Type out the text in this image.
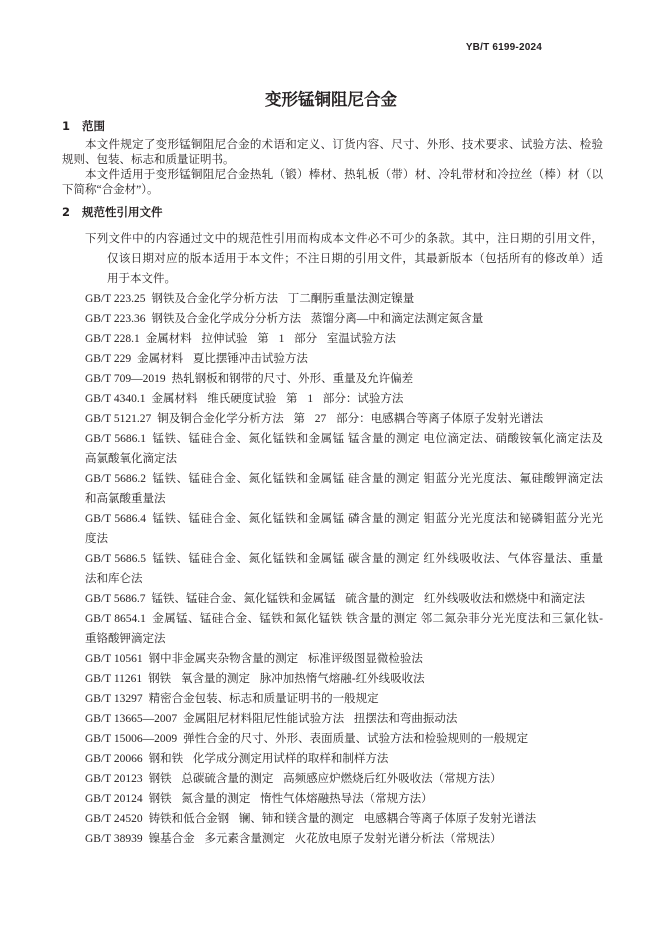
YB/T 6199-2024
变形锰铜阻尼合金
1 范围
本文件规定了变形锰铜阻尼合金的术语和定义、订货内容、尺寸、外形、技术要求、试验方法、检验
规则、包装、标志和质量证明书。
本文件适用于变形锰铜阻尼合金热轧（锻）棒材、热轧板（带）材、冷轧带材和冷拉丝（棒）材（以
下简称“合金材”）。
2 规范性引用文件
下列文件中的内容通过文中的规范性引用而构成本文件必不可少的条款。其中，注日期的引用文件，
仅该日期对应的版本适用于本文件；不注日期的引用文件，其最新版本（包括所有的修改单）适
用于本文件。
GB/T 223.25 钢铁及合金化学分析方法 丁二酮肟重量法测定镍量
GB/T 223.36 钢铁及合金化学成分分析方法 蒸馏分离—中和滴定法测定氮含量
GB/T 228.1 金属材料 拉伸试验 第 1 部分 室温试验方法
GB/T 229 金属材料 夏比摆锤冲击试验方法
GB/T 709—2019 热轧钢板和钢带的尺寸、外形、重量及允许偏差
GB/T 4340.1 金属材料 维氏硬度试验 第 1 部分：试验方法
GB/T 5121.27 铜及铜合金化学分析方法 第 27 部分：电感耦合等离子体原子发射光谱法
GB/T 5686.1 锰铁、锰硅合金、氮化锰铁和金属锰 锰含量的测定 电位滴定法、硝酸铵氧化滴定法及
高氯酸氧化滴定法
GB/T 5686.2 锰铁、锰硅合金、氮化锰铁和金属锰 硅含量的测定 钼蓝分光光度法、氟硅酸钾滴定法
和高氯酸重量法
GB/T 5686.4 锰铁、锰硅合金、氮化锰铁和金属锰 磷含量的测定 钼蓝分光光度法和铋磷钼蓝分光光
度法
GB/T 5686.5 锰铁、锰硅合金、氮化锰铁和金属锰 碳含量的测定 红外线吸收法、气体容量法、重量
法和库仑法
GB/T 5686.7 锰铁、锰硅合金、氮化锰铁和金属锰 硫含量的测定 红外线吸收法和燃烧中和滴定法
GB/T 8654.1 金属锰、锰硅合金、锰铁和氮化锰铁 铁含量的测定 邻二氮杂菲分光光度法和三氯化钛-
重铬酸钾滴定法
GB/T 10561 钢中非金属夹杂物含量的测定 标准评级图显微检验法
GB/T 11261 钢铁 氧含量的测定 脉冲加热惰气熔融-红外线吸收法
GB/T 13297 精密合金包装、标志和质量证明书的一般规定
GB/T 13665—2007 金属阻尼材料阻尼性能试验方法 扭摆法和弯曲振动法
GB/T 15006—2009 弹性合金的尺寸、外形、表面质量、试验方法和检验规则的一般规定
GB/T 20066 钢和铁 化学成分测定用试样的取样和制样方法
GB/T 20123 钢铁 总碳硫含量的测定 高频感应炉燃烧后红外吸收法（常规方法）
GB/T 20124 钢铁 氮含量的测定 惰性气体熔融热导法（常规方法）
GB/T 24520 铸铁和低合金钢 镧、铈和镁含量的测定 电感耦合等离子体原子发射光谱法
GB/T 38939 镍基合金 多元素含量测定 火花放电原子发射光谱分析法（常规法）
